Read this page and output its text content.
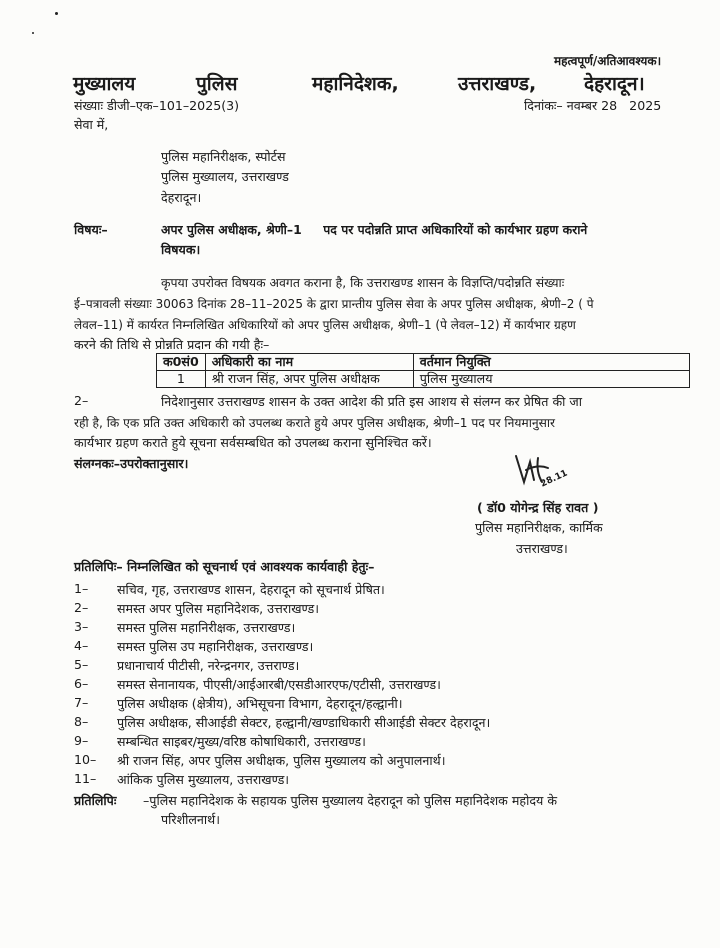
महत्वपूर्ण/अतिआवश्यक।
मुख्यालय	पुलिस	महानिदेशक,	उत्तराखण्ड,	देहरादून।
संख्याः डीजी–एक–101–2025(3)	दिनांकः– नवम्बर 28   2025
सेवा में,
पुलिस महानिरीक्षक, स्पोर्टस
पुलिस मुख्यालय, उत्तराखण्ड
देहरादून।
विषयः–	अपर पुलिस अधीक्षक, श्रेणी–1     पद पर पदोन्नति प्राप्त अधिकारियों को कार्यभार ग्रहण कराने
विषयक।
कृपया उपरोक्त विषयक अवगत कराना है, कि उत्तराखण्ड शासन के विज्ञप्ति/पदोन्नति संख्याः
ई–पत्रावली संख्याः 30063 दिनांक 28–11–2025 के द्वारा प्रान्तीय पुलिस सेवा के अपर पुलिस अधीक्षक, श्रेणी–2 ( पे
लेवल–11) में कार्यरत निम्नलिखित अधिकारियों को अपर पुलिस अधीक्षक, श्रेणी–1 (पे लेवल–12) में कार्यभार ग्रहण
करने की तिथि से प्रोन्नति प्रदान की गयी हैः–
क0सं0	अधिकारी का नाम	वर्तमान नियुक्ति
1	श्री राजन सिंह, अपर पुलिस अधीक्षक	पुलिस मुख्यालय
2–	निदेशानुसार उत्तराखण्ड शासन के उक्त आदेश की प्रति इस आशय से संलग्न कर प्रेषित की जा
रही है, कि एक प्रति उक्त अधिकारी को उपलब्ध कराते हुये अपर पुलिस अधीक्षक, श्रेणी–1 पद पर नियमानुसार
कार्यभार ग्रहण कराते हुये सूचना सर्वसम्बधित को उपलब्ध कराना सुनिश्चित करें।
संलग्नकः–उपरोक्तानुसार।
28.11
( डॉ0 योगेन्द्र सिंह रावत )
पुलिस महानिरीक्षक, कार्मिक
उत्तराखण्ड।
प्रतिलिपिः– निम्नलिखित को सूचनार्थ एवं आवश्यक कार्यवाही हेतुः–
1– सचिव, गृह, उत्तराखण्ड शासन, देहरादून को सूचनार्थ प्रेषित।
2– समस्त अपर पुलिस महानिदेशक, उत्तराखण्ड।
3– समस्त पुलिस महानिरीक्षक, उत्तराखण्ड।
4– समस्त पुलिस उप महानिरीक्षक, उत्तराखण्ड।
5– प्रधानाचार्य पीटीसी, नरेन्द्रनगर, उत्तराण्ड।
6– समस्त सेनानायक, पीएसी/आईआरबी/एसडीआरएफ/एटीसी, उत्तराखण्ड।
7– पुलिस अधीक्षक (क्षेत्रीय), अभिसूचना विभाग, देहरादून/हल्द्वानी।
8– पुलिस अधीक्षक, सीआईडी सेक्टर, हल्द्वानी/खण्डाधिकारी सीआईडी सेक्टर देहरादून।
9– सम्बन्धित साइबर/मुख्य/वरिष्ठ कोषाधिकारी, उत्तराखण्ड।
10– श्री राजन सिंह, अपर पुलिस अधीक्षक, पुलिस मुख्यालय को अनुपालनार्थ।
11– आंकिक पुलिस मुख्यालय, उत्तराखण्ड।
प्रतिलिपिः –पुलिस महानिदेशक के सहायक पुलिस मुख्यालय देहरादून को पुलिस महानिदेशक महोदय के
परिशीलनार्थ।
